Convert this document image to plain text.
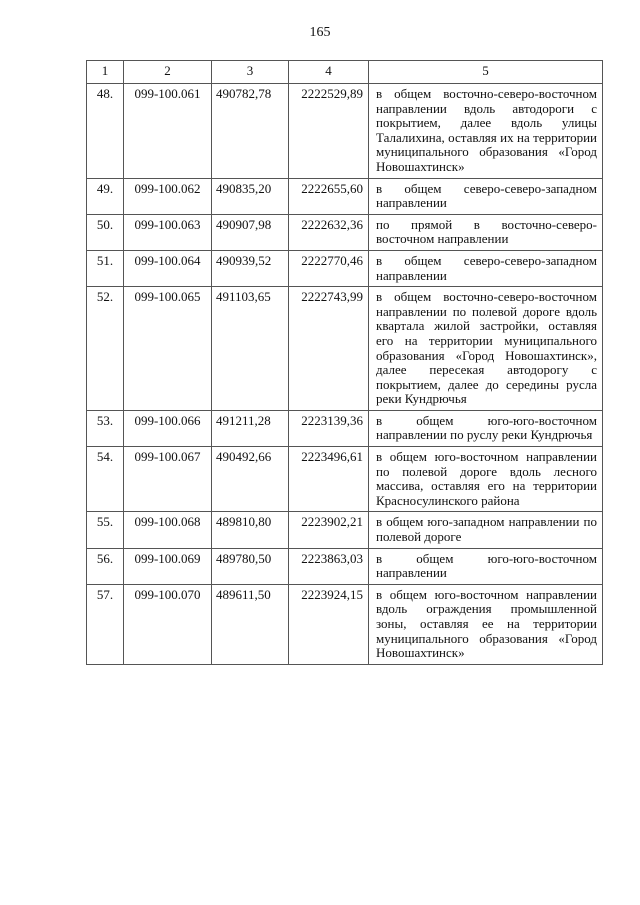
165
1	2	3	4	5
48.	099-100.061	490782,78	2222529,89	в общем восточно-северо-восточном направлении вдоль автодороги с покрытием, далее вдоль улицы Талалихина, оставляя их на территории муниципального образования «Город Новошахтинск»
49.	099-100.062	490835,20	2222655,60	в общем северо-северо-западном направлении
50.	099-100.063	490907,98	2222632,36	по прямой в восточно-северо-восточном направлении
51.	099-100.064	490939,52	2222770,46	в общем северо-северо-западном направлении
52.	099-100.065	491103,65	2222743,99	в общем восточно-северо-восточном направлении по полевой дороге вдоль квартала жилой застройки, оставляя его на территории муниципального образования «Город Новошахтинск», далее пересекая автодорогу с покрытием, далее до середины русла реки Кундрючья
53.	099-100.066	491211,28	2223139,36	в общем юго-юго-восточном направлении по руслу реки Кундрючья
54.	099-100.067	490492,66	2223496,61	в общем юго-восточном направлении по полевой дороге вдоль лесного массива, оставляя его на территории Красносулинского района
55.	099-100.068	489810,80	2223902,21	в общем юго-западном направлении по полевой дороге
56.	099-100.069	489780,50	2223863,03	в общем юго-юго-восточном направлении
57.	099-100.070	489611,50	2223924,15	в общем юго-восточном направлении вдоль ограждения промышленной зоны, оставляя ее на территории муниципального образования «Город Новошахтинск»
